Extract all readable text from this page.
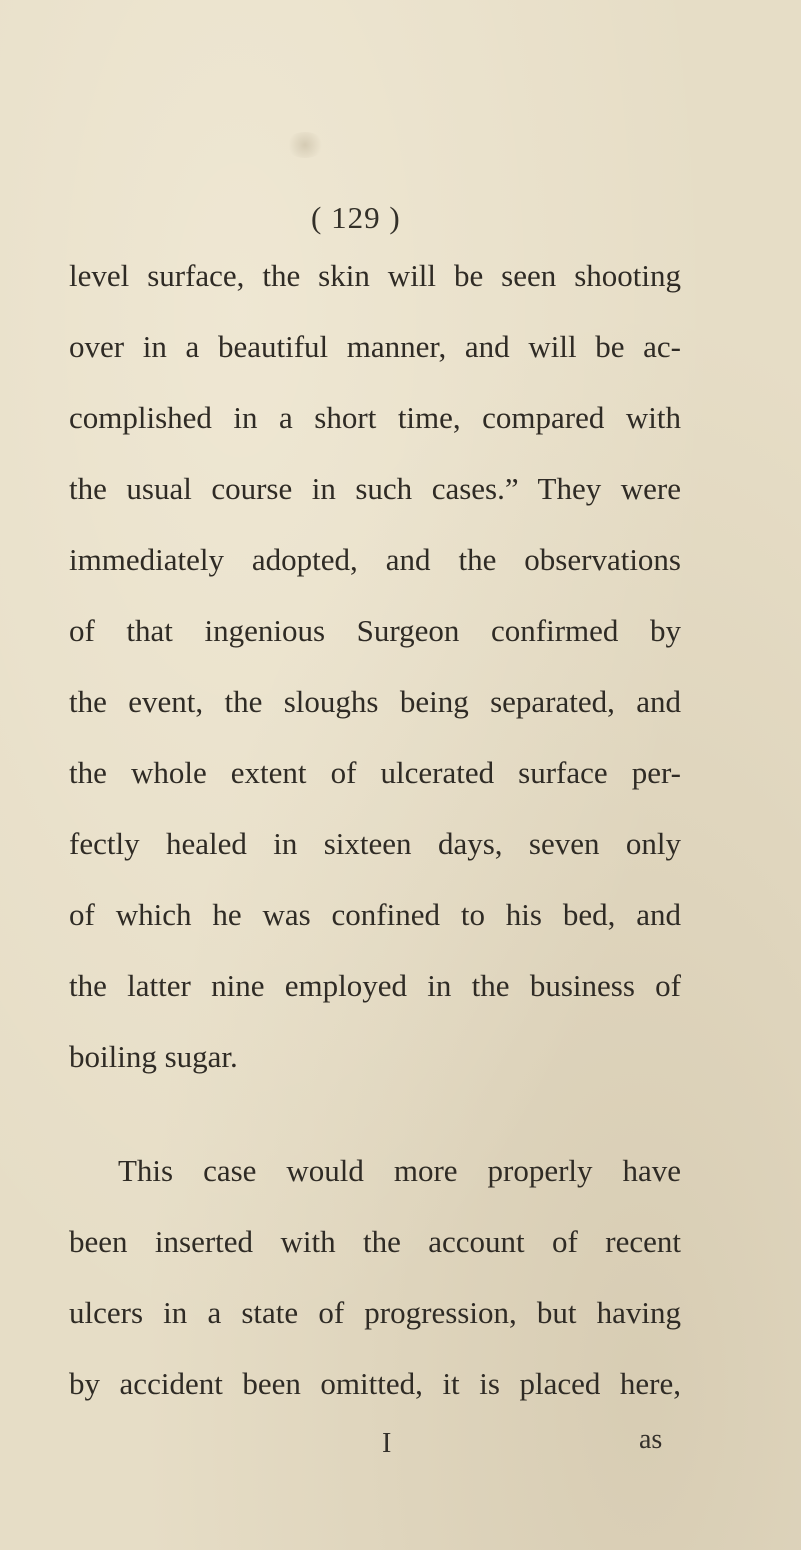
( 129 )
level surface, the skin will be seen shooting
over in a beautiful manner, and will be ac-
complished in a short time, compared with
the usual course in such cases.” They were
immediately adopted, and the observations
of that ingenious Surgeon confirmed by
the event, the sloughs being separated, and
the whole extent of ulcerated surface per-
fectly healed in sixteen days, seven only
of which he was confined to his bed, and
the latter nine employed in the business of
boiling sugar.
This case would more properly have
been inserted with the account of recent
ulcers in a state of progression, but having
by accident been omitted, it is placed here,
I	as
